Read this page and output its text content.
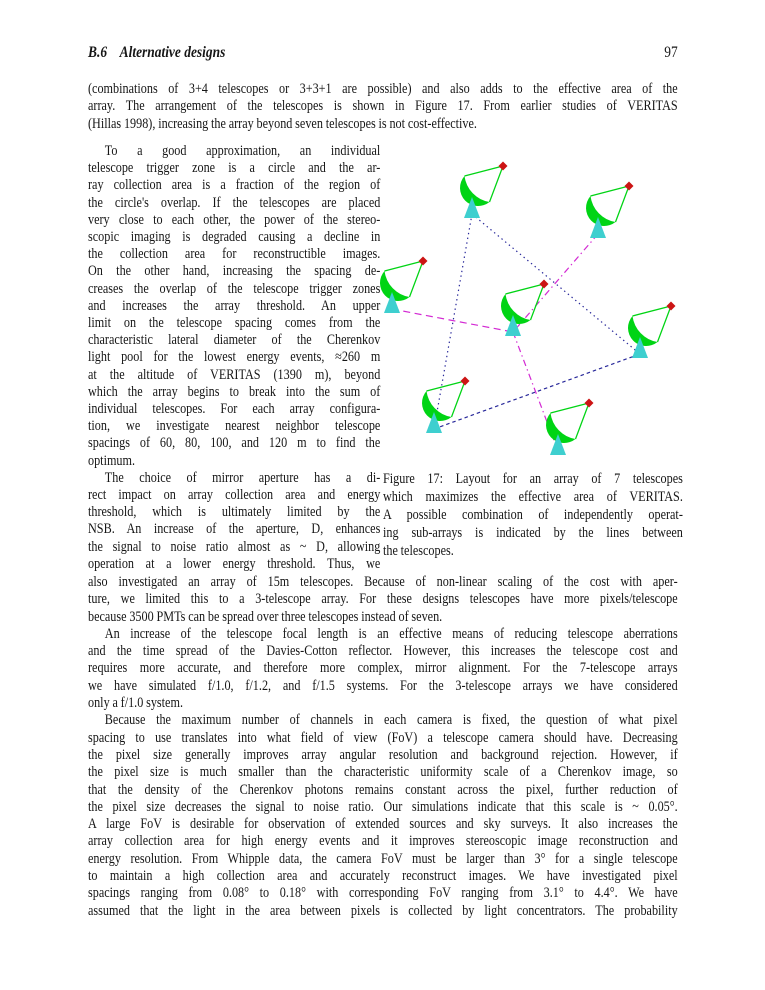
B.6 Alternative designs	97
(combinations of 3+4 telescopes or 3+3+1 are possible) and also adds to the effective area of the
array. The arrangement of the telescopes is shown in Figure 17. From earlier studies of VERITAS
(Hillas 1998), increasing the array beyond seven telescopes is not cost-effective.
To a good approximation, an individual
telescope trigger zone is a circle and the ar-
ray collection area is a fraction of the region of
the circle's overlap. If the telescopes are placed
very close to each other, the power of the stereo-
scopic imaging is degraded causing a decline in
the collection area for reconstructible images.
On the other hand, increasing the spacing de-
creases the overlap of the telescope trigger zones
and increases the array threshold. An upper
limit on the telescope spacing comes from the
characteristic lateral diameter of the Cherenkov
light pool for the lowest energy events, ≈260 m
at the altitude of VERITAS (1390 m), beyond
which the array begins to break into the sum of
individual telescopes. For each array configura-
tion, we investigate nearest neighbor telescope
spacings of 60, 80, 100, and 120 m to find the
optimum.
The choice of mirror aperture has a di-
rect impact on array collection area and energy
threshold, which is ultimately limited by the
NSB. An increase of the aperture, D, enhances
the signal to noise ratio almost as ~ D, allowing
operation at a lower energy threshold. Thus, we
Figure 17: Layout for an array of 7 telescopes
which maximizes the effective area of VERITAS.
A possible combination of independently operat-
ing sub-arrays is indicated by the lines between
the telescopes.
also investigated an array of 15m telescopes. Because of non-linear scaling of the cost with aper-
ture, we limited this to a 3-telescope array. For these designs telescopes have more pixels/telescope
because 3500 PMTs can be spread over three telescopes instead of seven.
An increase of the telescope focal length is an effective means of reducing telescope aberrations
and the time spread of the Davies-Cotton reflector. However, this increases the telescope cost and
requires more accurate, and therefore more complex, mirror alignment. For the 7-telescope arrays
we have simulated f/1.0, f/1.2, and f/1.5 systems. For the 3-telescope arrays we have considered
only a f/1.0 system.
Because the maximum number of channels in each camera is fixed, the question of what pixel
spacing to use translates into what field of view (FoV) a telescope camera should have. Decreasing
the pixel size generally improves array angular resolution and background rejection. However, if
the pixel size is much smaller than the characteristic uniformity scale of a Cherenkov image, so
that the density of the Cherenkov photons remains constant across the pixel, further reduction of
the pixel size decreases the signal to noise ratio. Our simulations indicate that this scale is ~ 0.05°.
A large FoV is desirable for observation of extended sources and sky surveys. It also increases the
array collection area for high energy events and it improves stereoscopic image reconstruction and
energy resolution. From Whipple data, the camera FoV must be larger than 3° for a single telescope
to maintain a high collection area and accurately reconstruct images. We have investigated pixel
spacings ranging from 0.08° to 0.18° with corresponding FoV ranging from 3.1° to 4.4°. We have
assumed that the light in the area between pixels is collected by light concentrators. The probability
